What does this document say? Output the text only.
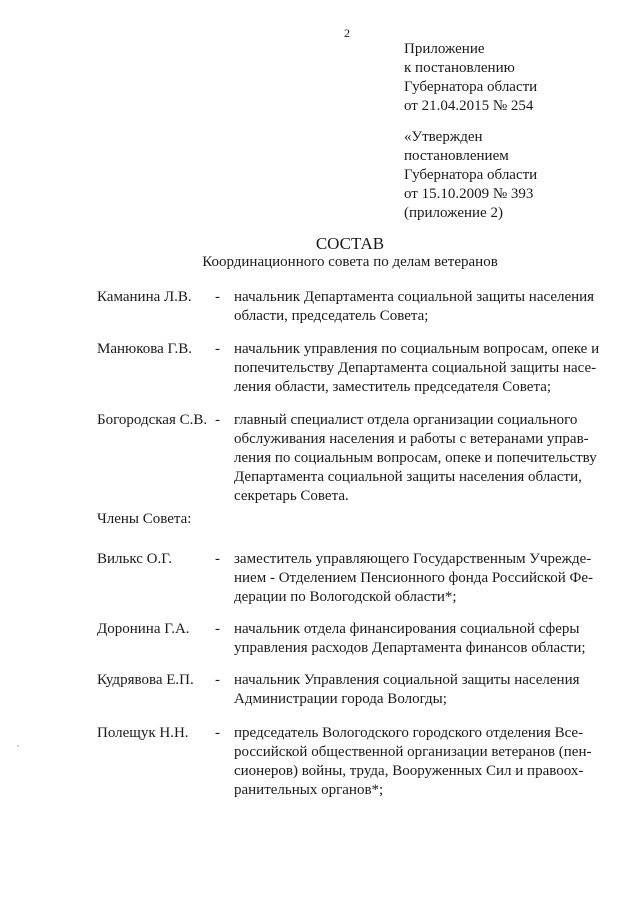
2
Приложение
к постановлению
Губернатора области
от 21.04.2015 № 254
«Утвержден
постановлением
Губернатора области
от 15.10.2009 № 393
(приложение 2)
СОСТАВ
Координационного совета по делам ветеранов
Каманина Л.В. - начальник Департамента социальной защиты населения
области, председатель Совета;
Манюкова Г.В. - начальник управления по социальным вопросам, опеке и
попечительству Департамента социальной защиты насе-
ления области, заместитель председателя Совета;
Богородская С.В. - главный специалист отдела организации социального
обслуживания населения и работы с ветеранами управ-
ления по социальным вопросам, опеке и попечительству
Департамента социальной защиты населения области,
секретарь Совета.
Члены Совета:
Вилькс О.Г.	- заместитель управляющего Государственным Учрежде-
нием - Отделением Пенсионного фонда Российской Фе-
дерации по Вологодской области*;
Доронина Г.А. - начальник отдела финансирования социальной сферы
управления расходов Департамента финансов области;
Кудрявова Е.П. - начальник Управления социальной защиты населения
Администрации города Вологды;
Полещук Н.Н. - председатель Вологодского городского отделения Все-
российской общественной организации ветеранов (пен-
сионеров) войны, труда, Вооруженных Сил и правоох-
ранительных органов*;
